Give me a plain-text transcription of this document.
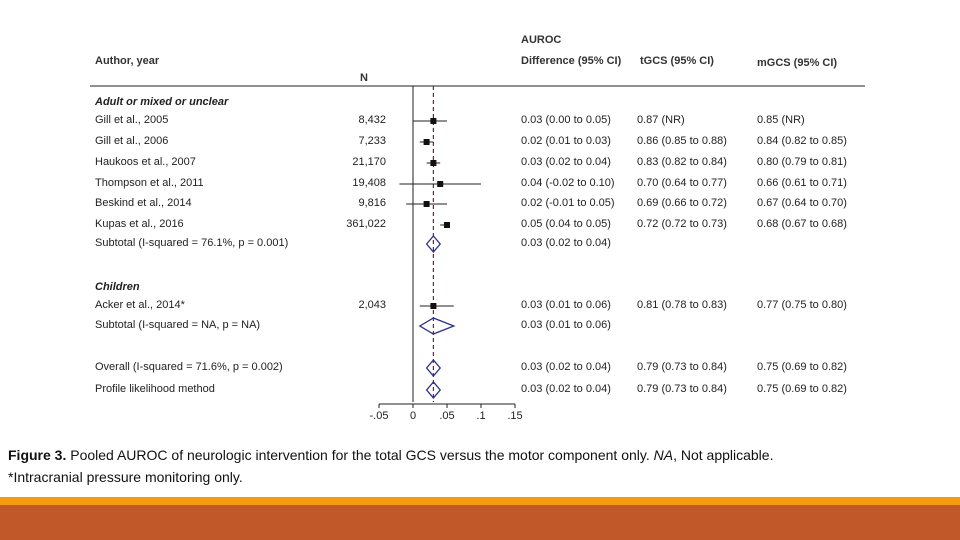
AUROC
Author, year	Difference (95% CI) tGCS (95% CI)	mGCS (95% CI)
N
Adult or mixed or unclear
Children
Gill et al., 2005	8,432	0.03 (0.00 to 0.05) 0.87 (NR)	0.85 (NR)
Gill et al., 2006	7,233	0.02 (0.01 to 0.03) 0.86 (0.85 to 0.88)	0.84 (0.82 to 0.85)
Haukoos et al., 2007	21,170	0.03 (0.02 to 0.04) 0.83 (0.82 to 0.84)	0.80 (0.79 to 0.81)
Thompson et al., 2011	19,408	0.04 (-0.02 to 0.10) 0.70 (0.64 to 0.77)	0.66 (0.61 to 0.71)
Beskind et al., 2014	9,816	0.02 (-0.01 to 0.05) 0.69 (0.66 to 0.72)	0.67 (0.64 to 0.70)
Kupas et al., 2016	361,022	0.05 (0.04 to 0.05) 0.72 (0.72 to 0.73)	0.68 (0.67 to 0.68)
Subtotal (I-squared = 76.1%, p = 0.001)	0.03 (0.02 to 0.04)
Acker et al., 2014*	2,043	0.03 (0.01 to 0.06) 0.81 (0.78 to 0.83)	0.77 (0.75 to 0.80)
Subtotal (I-squared = NA, p = NA)	0.03 (0.01 to 0.06)
Overall (I-squared = 71.6%, p = 0.002)	0.03 (0.02 to 0.04) 0.79 (0.73 to 0.84)	0.75 (0.69 to 0.82)
Profile likelihood method	0.03 (0.02 to 0.04) 0.79 (0.73 to 0.84)	0.75 (0.69 to 0.82)
-.05 0 .05 .1 .15
Figure 3. Pooled AUROC of neurologic intervention for the total GCS versus the motor component only. NA, Not applicable.
*Intracranial pressure monitoring only.
